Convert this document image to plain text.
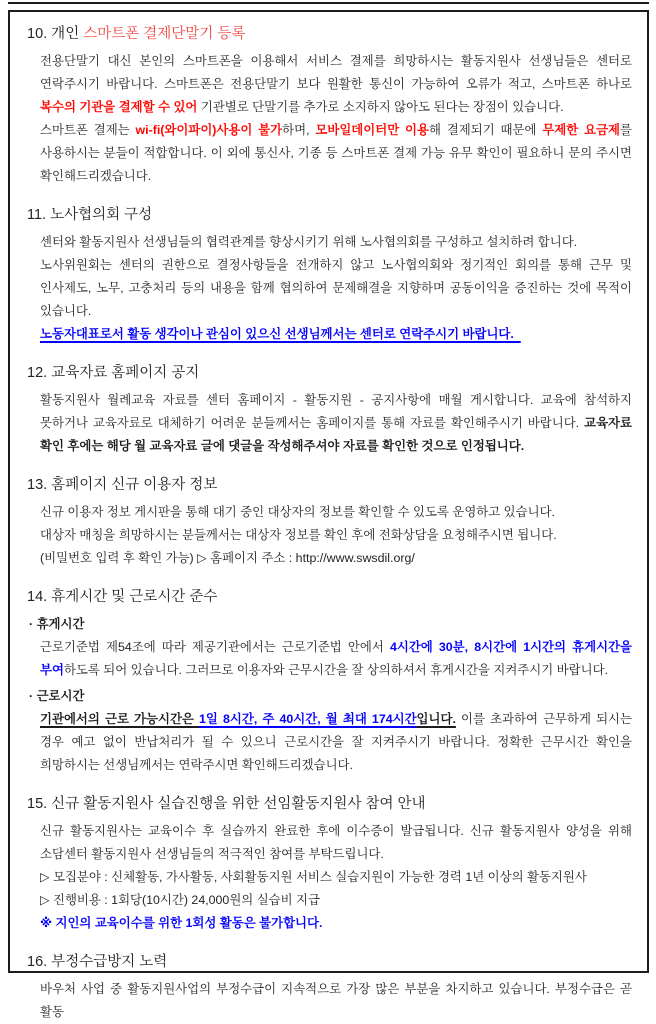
10. 개인 스마트폰 결제단말기 등록
전용단말기 대신 본인의 스마트폰을 이용해서 서비스 결제를 희망하시는 활동지원사 선생님들은 센터로 연락주시기 바랍니다. 스마트폰은 전용단말기 보다 원활한 통신이 가능하여 오류가 적고, 스마트폰 하나로 복수의 기관을 결제할 수 있어 기관별로 단말기를 추가로 소지하지 않아도 된다는 장점이 있습니다.
스마트폰 결제는 wi-fi(와이파이)사용이 불가하며, 모바일데이터만 이용해 결제되기 때문에 무제한 요금제를 사용하시는 분들이 적합합니다. 이 외에 통신사, 기종 등 스마트폰 결제 가능 유무 확인이 필요하니 문의 주시면 확인해드리겠습니다.
11. 노사협의회 구성
센터와 활동지원사 선생님들의 협력관계를 향상시키기 위해 노사협의회를 구성하고 설치하려 합니다.
노사위원회는 센터의 권한으로 결정사항들을 전개하지 않고 노사협의회와 정기적인 회의를 통해 근무 및 인사제도, 노무, 고충처리 등의 내용을 함께 협의하여 문제해결을 지향하며 공동이익을 증진하는 것에 목적이 있습니다.
노동자대표로서 활동 생각이나 관심이 있으신 선생님께서는 센터로 연락주시기 바랍니다.
12. 교육자료 홈페이지 공지
활동지원사 월례교육 자료를 센터 홈페이지 - 활동지원 - 공지사항에 매월 게시합니다. 교육에 참석하지 못하거나 교육자료로 대체하기 어려운 분들께서는 홈페이지를 통해 자료를 확인해주시기 바랍니다. 교육자료 확인 후에는 해당 월 교육자료 글에 댓글을 작성해주셔야 자료를 확인한 것으로 인정됩니다.
13. 홈페이지 신규 이용자 정보
신규 이용자 정보 게시판을 통해 대기 중인 대상자의 정보를 확인할 수 있도록 운영하고 있습니다.
대상자 매칭을 희망하시는 분들께서는 대상자 정보를 확인 후에 전화상담을 요청해주시면 됩니다.
(비밀번호 입력 후 확인 가능) ▷ 홈페이지 주소 : http://www.swsdil.org/
14. 휴게시간 및 근로시간 준수
· 휴게시간
근로기준법 제54조에 따라 제공기관에서는 근로기준법 안에서 4시간에 30분, 8시간에 1시간의 휴게시간을 부여하도록 되어 있습니다. 그러므로 이용자와 근무시간을 잘 상의하셔서 휴게시간을 지켜주시기 바랍니다.
· 근로시간
기관에서의 근로 가능시간은 1일 8시간, 주 40시간, 월 최대 174시간입니다. 이를 초과하여 근무하게 되시는 경우 예고 없이 반납처리가 될 수 있으니 근로시간을 잘 지켜주시기 바랍니다. 정확한 근무시간 확인을 희망하시는 선생님께서는 연락주시면 확인해드리겠습니다.
15. 신규 활동지원사 실습진행을 위한 선임활동지원사 참여 안내
신규 활동지원사는 교육이수 후 실습까지 완료한 후에 이수증이 발급됩니다. 신규 활동지원사 양성을 위해 소담센터 활동지원사 선생님들의 적극적인 참여를 부탁드립니다.
▷ 모집분야 : 신체활동, 가사활동, 사회활동지원 서비스 실습지원이 가능한 경력 1년 이상의 활동지원사
▷ 진행비용 : 1회당(10시간) 24,000원의 실습비 지급
※ 지인의 교육이수를 위한 1회성 활동은 불가합니다.
16. 부정수급방지 노력
바우처 사업 중 활동지원사업의 부정수급이 지속적으로 가장 많은 부분을 차지하고 있습니다. 부정수급은 곧 활동
